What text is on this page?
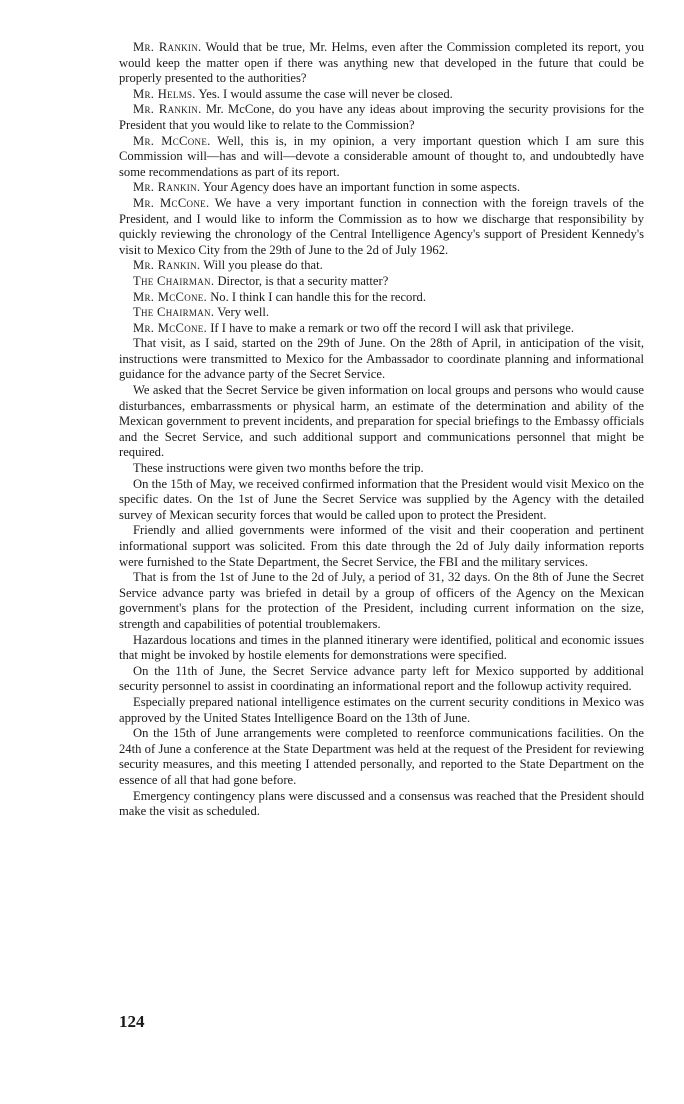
Mr. Rankin. Would that be true, Mr. Helms, even after the Commission completed its report, you would keep the matter open if there was anything new that developed in the future that could be properly presented to the authorities?

Mr. Helms. Yes. I would assume the case will never be closed.

Mr. Rankin. Mr. McCone, do you have any ideas about improving the security provisions for the President that you would like to relate to the Commission?

Mr. McCone. Well, this is, in my opinion, a very important question which I am sure this Commission will—has and will—devote a considerable amount of thought to, and undoubtedly have some recommendations as part of its report.

Mr. Rankin. Your Agency does have an important function in some aspects.

Mr. McCone. We have a very important function in connection with the foreign travels of the President, and I would like to inform the Commission as to how we discharge that responsibility by quickly reviewing the chronology of the Central Intelligence Agency's support of President Kennedy's visit to Mexico City from the 29th of June to the 2d of July 1962.

Mr. Rankin. Will you please do that.

The Chairman. Director, is that a security matter?

Mr. McCone. No. I think I can handle this for the record.

The Chairman. Very well.

Mr. McCone. If I have to make a remark or two off the record I will ask that privilege.

That visit, as I said, started on the 29th of June. On the 28th of April, in anticipation of the visit, instructions were transmitted to Mexico for the Ambassador to coordinate planning and informational guidance for the advance party of the Secret Service.

We asked that the Secret Service be given information on local groups and persons who would cause disturbances, embarrassments or physical harm, an estimate of the determination and ability of the Mexican government to prevent incidents, and preparation for special briefings to the Embassy officials and the Secret Service, and such additional support and communications personnel that might be required.

These instructions were given two months before the trip.

On the 15th of May, we received confirmed information that the President would visit Mexico on the specific dates. On the 1st of June the Secret Service was supplied by the Agency with the detailed survey of Mexican security forces that would be called upon to protect the President.

Friendly and allied governments were informed of the visit and their cooperation and pertinent informational support was solicited. From this date through the 2d of July daily information reports were furnished to the State Department, the Secret Service, the FBI and the military services.

That is from the 1st of June to the 2d of July, a period of 31, 32 days. On the 8th of June the Secret Service advance party was briefed in detail by a group of officers of the Agency on the Mexican government's plans for the protection of the President, including current information on the size, strength and capabilities of potential troublemakers.

Hazardous locations and times in the planned itinerary were identified, political and economic issues that might be invoked by hostile elements for demonstrations were specified.

On the 11th of June, the Secret Service advance party left for Mexico supported by additional security personnel to assist in coordinating an informational report and the followup activity required.

Especially prepared national intelligence estimates on the current security conditions in Mexico was approved by the United States Intelligence Board on the 13th of June.

On the 15th of June arrangements were completed to reenforce communications facilities. On the 24th of June a conference at the State Department was held at the request of the President for reviewing security measures, and this meeting I attended personally, and reported to the State Department on the essence of all that had gone before.

Emergency contingency plans were discussed and a consensus was reached that the President should make the visit as scheduled.

124
